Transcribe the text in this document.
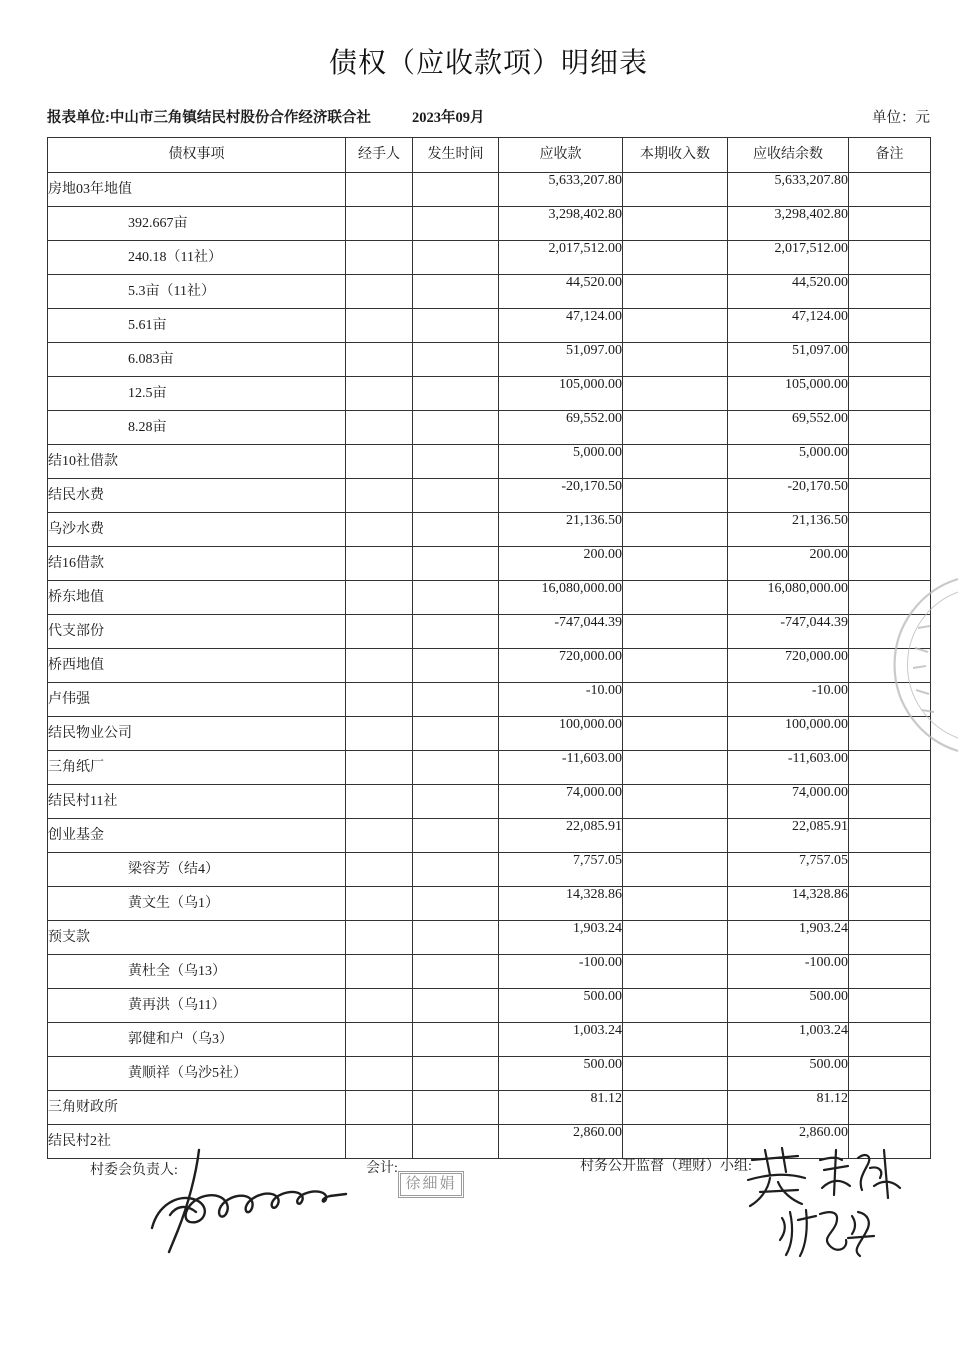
债权（应收款项）明细表
报表单位:中山市三角镇结民村股份合作经济联合社	2023年09月	单位：元
债权事项	经手人	发生时间	应收款	本期收入数	应收结余数	备注
房地03年地值			5,633,207.80		5,633,207.80	
392.667亩			3,298,402.80		3,298,402.80	
240.18（11社）			2,017,512.00		2,017,512.00	
5.3亩（11社）			44,520.00		44,520.00	
5.61亩			47,124.00		47,124.00	
6.083亩			51,097.00		51,097.00	
12.5亩			105,000.00		105,000.00	
8.28亩			69,552.00		69,552.00	
结10社借款			5,000.00		5,000.00	
结民水费			-20,170.50		-20,170.50	
乌沙水费			21,136.50		21,136.50	
结16借款			200.00		200.00	
桥东地值			16,080,000.00		16,080,000.00	
代支部份			-747,044.39		-747,044.39	
桥西地值			720,000.00		720,000.00	
卢伟强			-10.00		-10.00	
结民物业公司			100,000.00		100,000.00	
三角纸厂			-11,603.00		-11,603.00	
结民村11社			74,000.00		74,000.00	
创业基金			22,085.91		22,085.91	
梁容芳（结4）			7,757.05		7,757.05	
黄文生（乌1）			14,328.86		14,328.86	
预支款			1,903.24		1,903.24	
黄杜全（乌13）			-100.00		-100.00	
黄再洪（乌11）			500.00		500.00	
郭健和户（乌3）			1,003.24		1,003.24	
黄顺祥（乌沙5社）			500.00		500.00	
三角财政所			81.12		81.12	
结民村2社			2,860.00		2,860.00	
村委会负责人:	会计:
徐細娟
村务公开监督（理财）小组:
